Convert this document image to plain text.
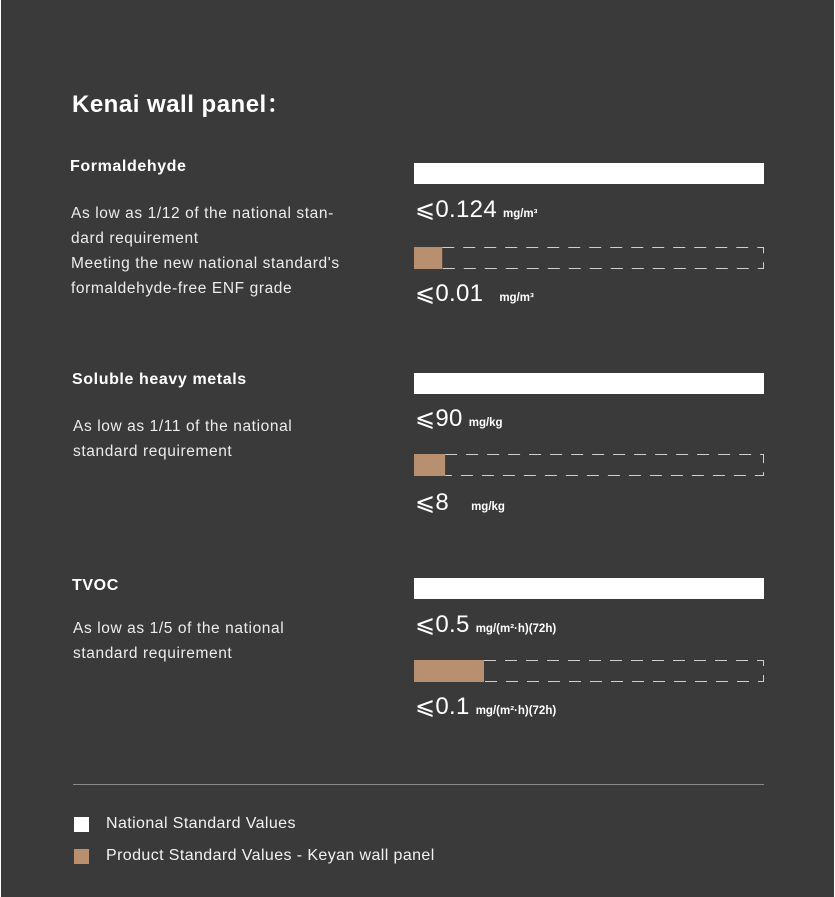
Kenai wall panel：
Formaldehyde
As low as 1/12 of the national stan-
dard requirement
Meeting the new national standard's
formaldehyde-free ENF grade
⩽0.124 mg/m³
⩽0.01 mg/m³
Soluble heavy metals
As low as 1/11 of the national
standard requirement
⩽90 mg/kg
⩽8 mg/kg
TVOC
As low as 1/5 of the national
standard requirement
⩽0.5 mg/(m²·h)(72h)
⩽0.1 mg/(m²·h)(72h)
National Standard Values
Product Standard Values - Keyan wall panel
